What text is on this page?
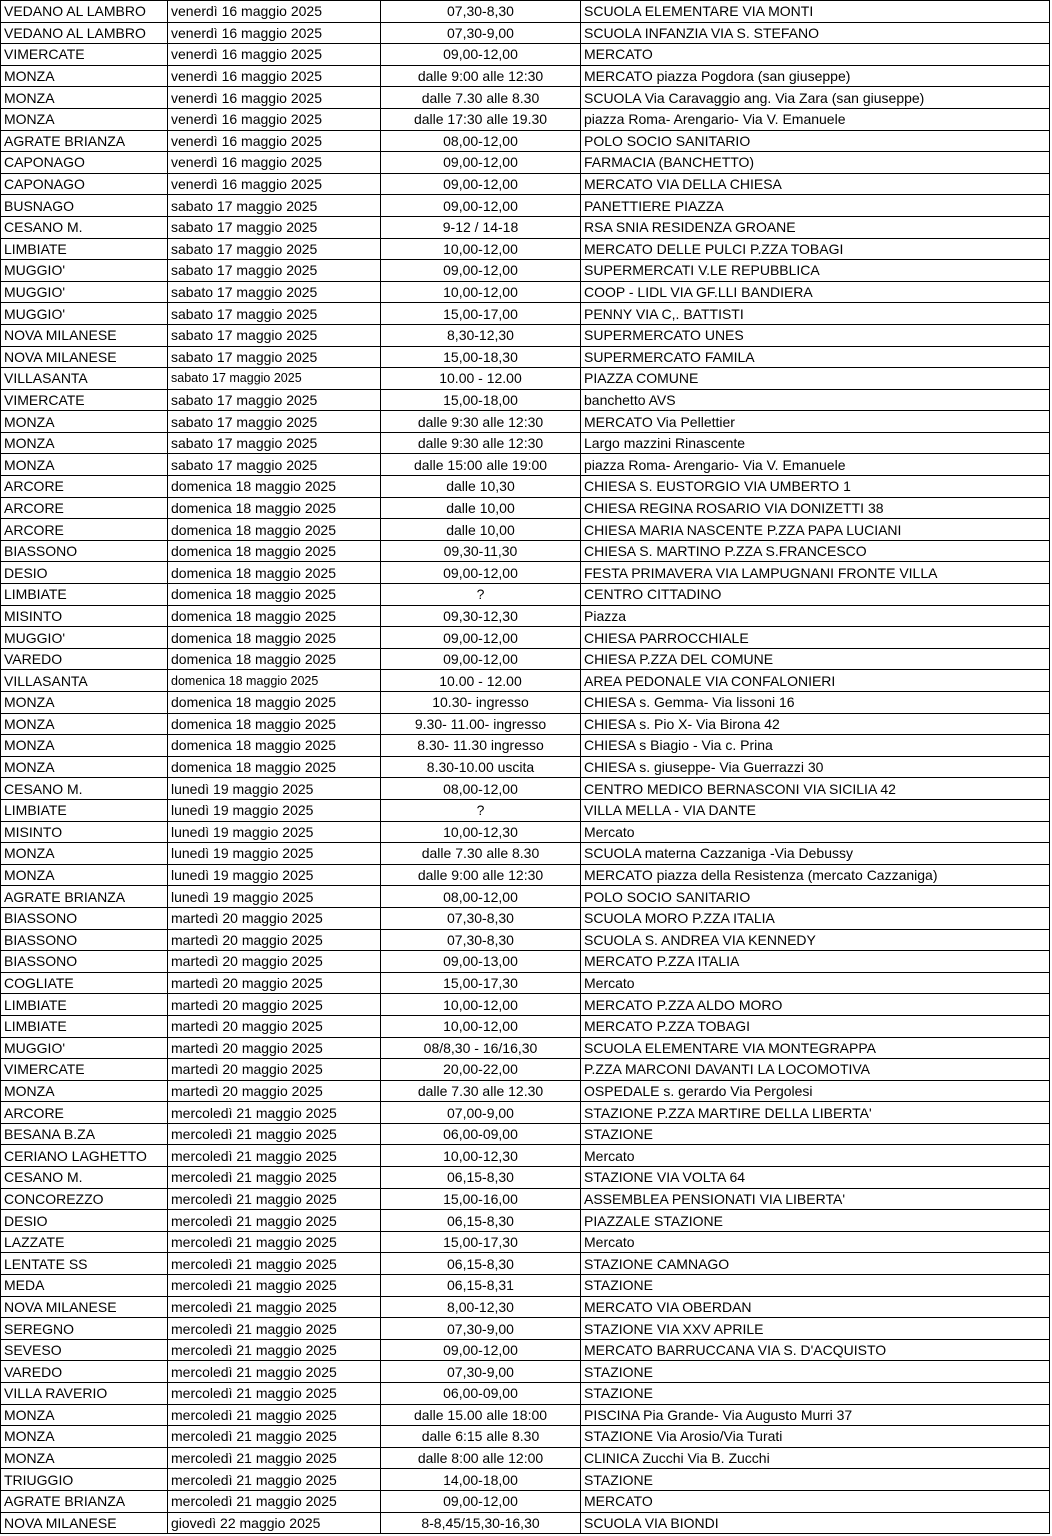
VEDANO AL LAMBRO	venerdì 16 maggio 2025	07,30-8,30	SCUOLA ELEMENTARE VIA MONTI
VEDANO AL LAMBRO	venerdì 16 maggio 2025	07,30-9,00	SCUOLA INFANZIA VIA S. STEFANO
VIMERCATE	venerdì 16 maggio 2025	09,00-12,00	MERCATO
MONZA	venerdì 16 maggio 2025	dalle 9:00 alle 12:30	MERCATO piazza Pogdora (san giuseppe)
MONZA	venerdì 16 maggio 2025	dalle 7.30 alle 8.30	SCUOLA Via Caravaggio ang. Via Zara (san giuseppe)
MONZA	venerdì 16 maggio 2025	dalle 17:30 alle 19.30	piazza Roma- Arengario- Via V. Emanuele
AGRATE BRIANZA	venerdì 16 maggio 2025	08,00-12,00	POLO SOCIO SANITARIO
CAPONAGO	venerdì 16 maggio 2025	09,00-12,00	FARMACIA (BANCHETTO)
CAPONAGO	venerdì 16 maggio 2025	09,00-12,00	MERCATO VIA DELLA CHIESA
BUSNAGO	sabato 17 maggio 2025	09,00-12,00	PANETTIERE PIAZZA
CESANO M.	sabato 17 maggio 2025	9-12 / 14-18	RSA SNIA RESIDENZA GROANE
LIMBIATE	sabato 17 maggio 2025	10,00-12,00	MERCATO DELLE PULCI P.ZZA TOBAGI
MUGGIO'	sabato 17 maggio 2025	09,00-12,00	SUPERMERCATI V.LE REPUBBLICA
MUGGIO'	sabato 17 maggio 2025	10,00-12,00	COOP - LIDL VIA GF.LLI BANDIERA
MUGGIO'	sabato 17 maggio 2025	15,00-17,00	PENNY VIA C,. BATTISTI
NOVA MILANESE	sabato 17 maggio 2025	8,30-12,30	SUPERMERCATO UNES
NOVA MILANESE	sabato 17 maggio 2025	15,00-18,30	SUPERMERCATO FAMILA
VILLASANTA	sabato 17 maggio 2025	10.00 - 12.00	PIAZZA COMUNE
VIMERCATE	sabato 17 maggio 2025	15,00-18,00	banchetto AVS
MONZA	sabato 17 maggio 2025	dalle 9:30 alle 12:30	MERCATO Via Pellettier
MONZA	sabato 17 maggio 2025	dalle 9:30 alle 12:30	Largo mazzini Rinascente
MONZA	sabato 17 maggio 2025	dalle 15:00 alle 19:00	piazza Roma- Arengario- Via V. Emanuele
ARCORE	domenica 18 maggio 2025	dalle 10,30	CHIESA S. EUSTORGIO VIA UMBERTO 1
ARCORE	domenica 18 maggio 2025	dalle 10,00	CHIESA REGINA ROSARIO VIA DONIZETTI 38
ARCORE	domenica 18 maggio 2025	dalle 10,00	CHIESA MARIA NASCENTE P.ZZA PAPA LUCIANI
BIASSONO	domenica 18 maggio 2025	09,30-11,30	CHIESA S. MARTINO P.ZZA S.FRANCESCO
DESIO	domenica 18 maggio 2025	09,00-12,00	FESTA PRIMAVERA VIA LAMPUGNANI FRONTE VILLA
LIMBIATE	domenica 18 maggio 2025	?	CENTRO CITTADINO
MISINTO	domenica 18 maggio 2025	09,30-12,30	Piazza
MUGGIO'	domenica 18 maggio 2025	09,00-12,00	CHIESA PARROCCHIALE
VAREDO	domenica 18 maggio 2025	09,00-12,00	CHIESA P.ZZA DEL COMUNE
VILLASANTA	domenica 18 maggio 2025	10.00 - 12.00	AREA PEDONALE VIA CONFALONIERI
MONZA	domenica 18 maggio 2025	10.30- ingresso	CHIESA s. Gemma- Via lissoni 16
MONZA	domenica 18 maggio 2025	9.30- 11.00- ingresso	CHIESA s. Pio X- Via Birona 42
MONZA	domenica 18 maggio 2025	8.30- 11.30 ingresso	CHIESA s Biagio - Via c. Prina
MONZA	domenica 18 maggio 2025	8.30-10.00 uscita	CHIESA s. giuseppe- Via Guerrazzi 30
CESANO M.	lunedì 19 maggio 2025	08,00-12,00	CENTRO MEDICO BERNASCONI VIA SICILIA 42
LIMBIATE	lunedì 19 maggio 2025	?	VILLA MELLA - VIA DANTE
MISINTO	lunedì 19 maggio 2025	10,00-12,30	Mercato
MONZA	lunedì 19 maggio 2025	dalle 7.30 alle 8.30	SCUOLA materna Cazzaniga -Via Debussy
MONZA	lunedì 19 maggio 2025	dalle 9:00 alle 12:30	MERCATO piazza della Resistenza (mercato Cazzaniga)
AGRATE BRIANZA	lunedì 19 maggio 2025	08,00-12,00	POLO SOCIO SANITARIO
BIASSONO	martedì 20 maggio 2025	07,30-8,30	SCUOLA MORO P.ZZA ITALIA
BIASSONO	martedì 20 maggio 2025	07,30-8,30	SCUOLA S. ANDREA VIA KENNEDY
BIASSONO	martedì 20 maggio 2025	09,00-13,00	MERCATO P.ZZA ITALIA
COGLIATE	martedì 20 maggio 2025	15,00-17,30	Mercato
LIMBIATE	martedì 20 maggio 2025	10,00-12,00	MERCATO P.ZZA ALDO MORO
LIMBIATE	martedì 20 maggio 2025	10,00-12,00	MERCATO P.ZZA TOBAGI
MUGGIO'	martedì 20 maggio 2025	08/8,30 - 16/16,30	SCUOLA ELEMENTARE VIA MONTEGRAPPA
VIMERCATE	martedì 20 maggio 2025	20,00-22,00	P.ZZA MARCONI DAVANTI LA LOCOMOTIVA
MONZA	martedì 20 maggio 2025	dalle 7.30 alle 12.30	OSPEDALE s. gerardo Via Pergolesi
ARCORE	mercoledì 21 maggio 2025	07,00-9,00	STAZIONE P.ZZA MARTIRE DELLA LIBERTA'
BESANA B.ZA	mercoledì 21 maggio 2025	06,00-09,00	STAZIONE
CERIANO LAGHETTO	mercoledì 21 maggio 2025	10,00-12,30	Mercato
CESANO M.	mercoledì 21 maggio 2025	06,15-8,30	STAZIONE VIA VOLTA 64
CONCOREZZO	mercoledì 21 maggio 2025	15,00-16,00	ASSEMBLEA PENSIONATI VIA LIBERTA'
DESIO	mercoledì 21 maggio 2025	06,15-8,30	PIAZZALE STAZIONE
LAZZATE	mercoledì 21 maggio 2025	15,00-17,30	Mercato
LENTATE SS	mercoledì 21 maggio 2025	06,15-8,30	STAZIONE CAMNAGO
MEDA	mercoledì 21 maggio 2025	06,15-8,31	STAZIONE
NOVA MILANESE	mercoledì 21 maggio 2025	8,00-12,30	MERCATO VIA OBERDAN
SEREGNO	mercoledì 21 maggio 2025	07,30-9,00	STAZIONE VIA XXV APRILE
SEVESO	mercoledì 21 maggio 2025	09,00-12,00	MERCATO BARRUCCANA VIA S. D'ACQUISTO
VAREDO	mercoledì 21 maggio 2025	07,30-9,00	STAZIONE
VILLA RAVERIO	mercoledì 21 maggio 2025	06,00-09,00	STAZIONE
MONZA	mercoledì 21 maggio 2025	dalle 15.00 alle 18:00	PISCINA Pia Grande- Via Augusto Murri 37
MONZA	mercoledì 21 maggio 2025	dalle 6:15 alle 8.30	STAZIONE Via Arosio/Via Turati
MONZA	mercoledì 21 maggio 2025	dalle 8:00 alle 12:00	CLINICA Zucchi Via B. Zucchi
TRIUGGIO	mercoledì 21 maggio 2025	14,00-18,00	STAZIONE
AGRATE BRIANZA	mercoledì 21 maggio 2025	09,00-12,00	MERCATO
NOVA MILANESE	giovedì 22 maggio 2025	8-8,45/15,30-16,30	SCUOLA VIA BIONDI
